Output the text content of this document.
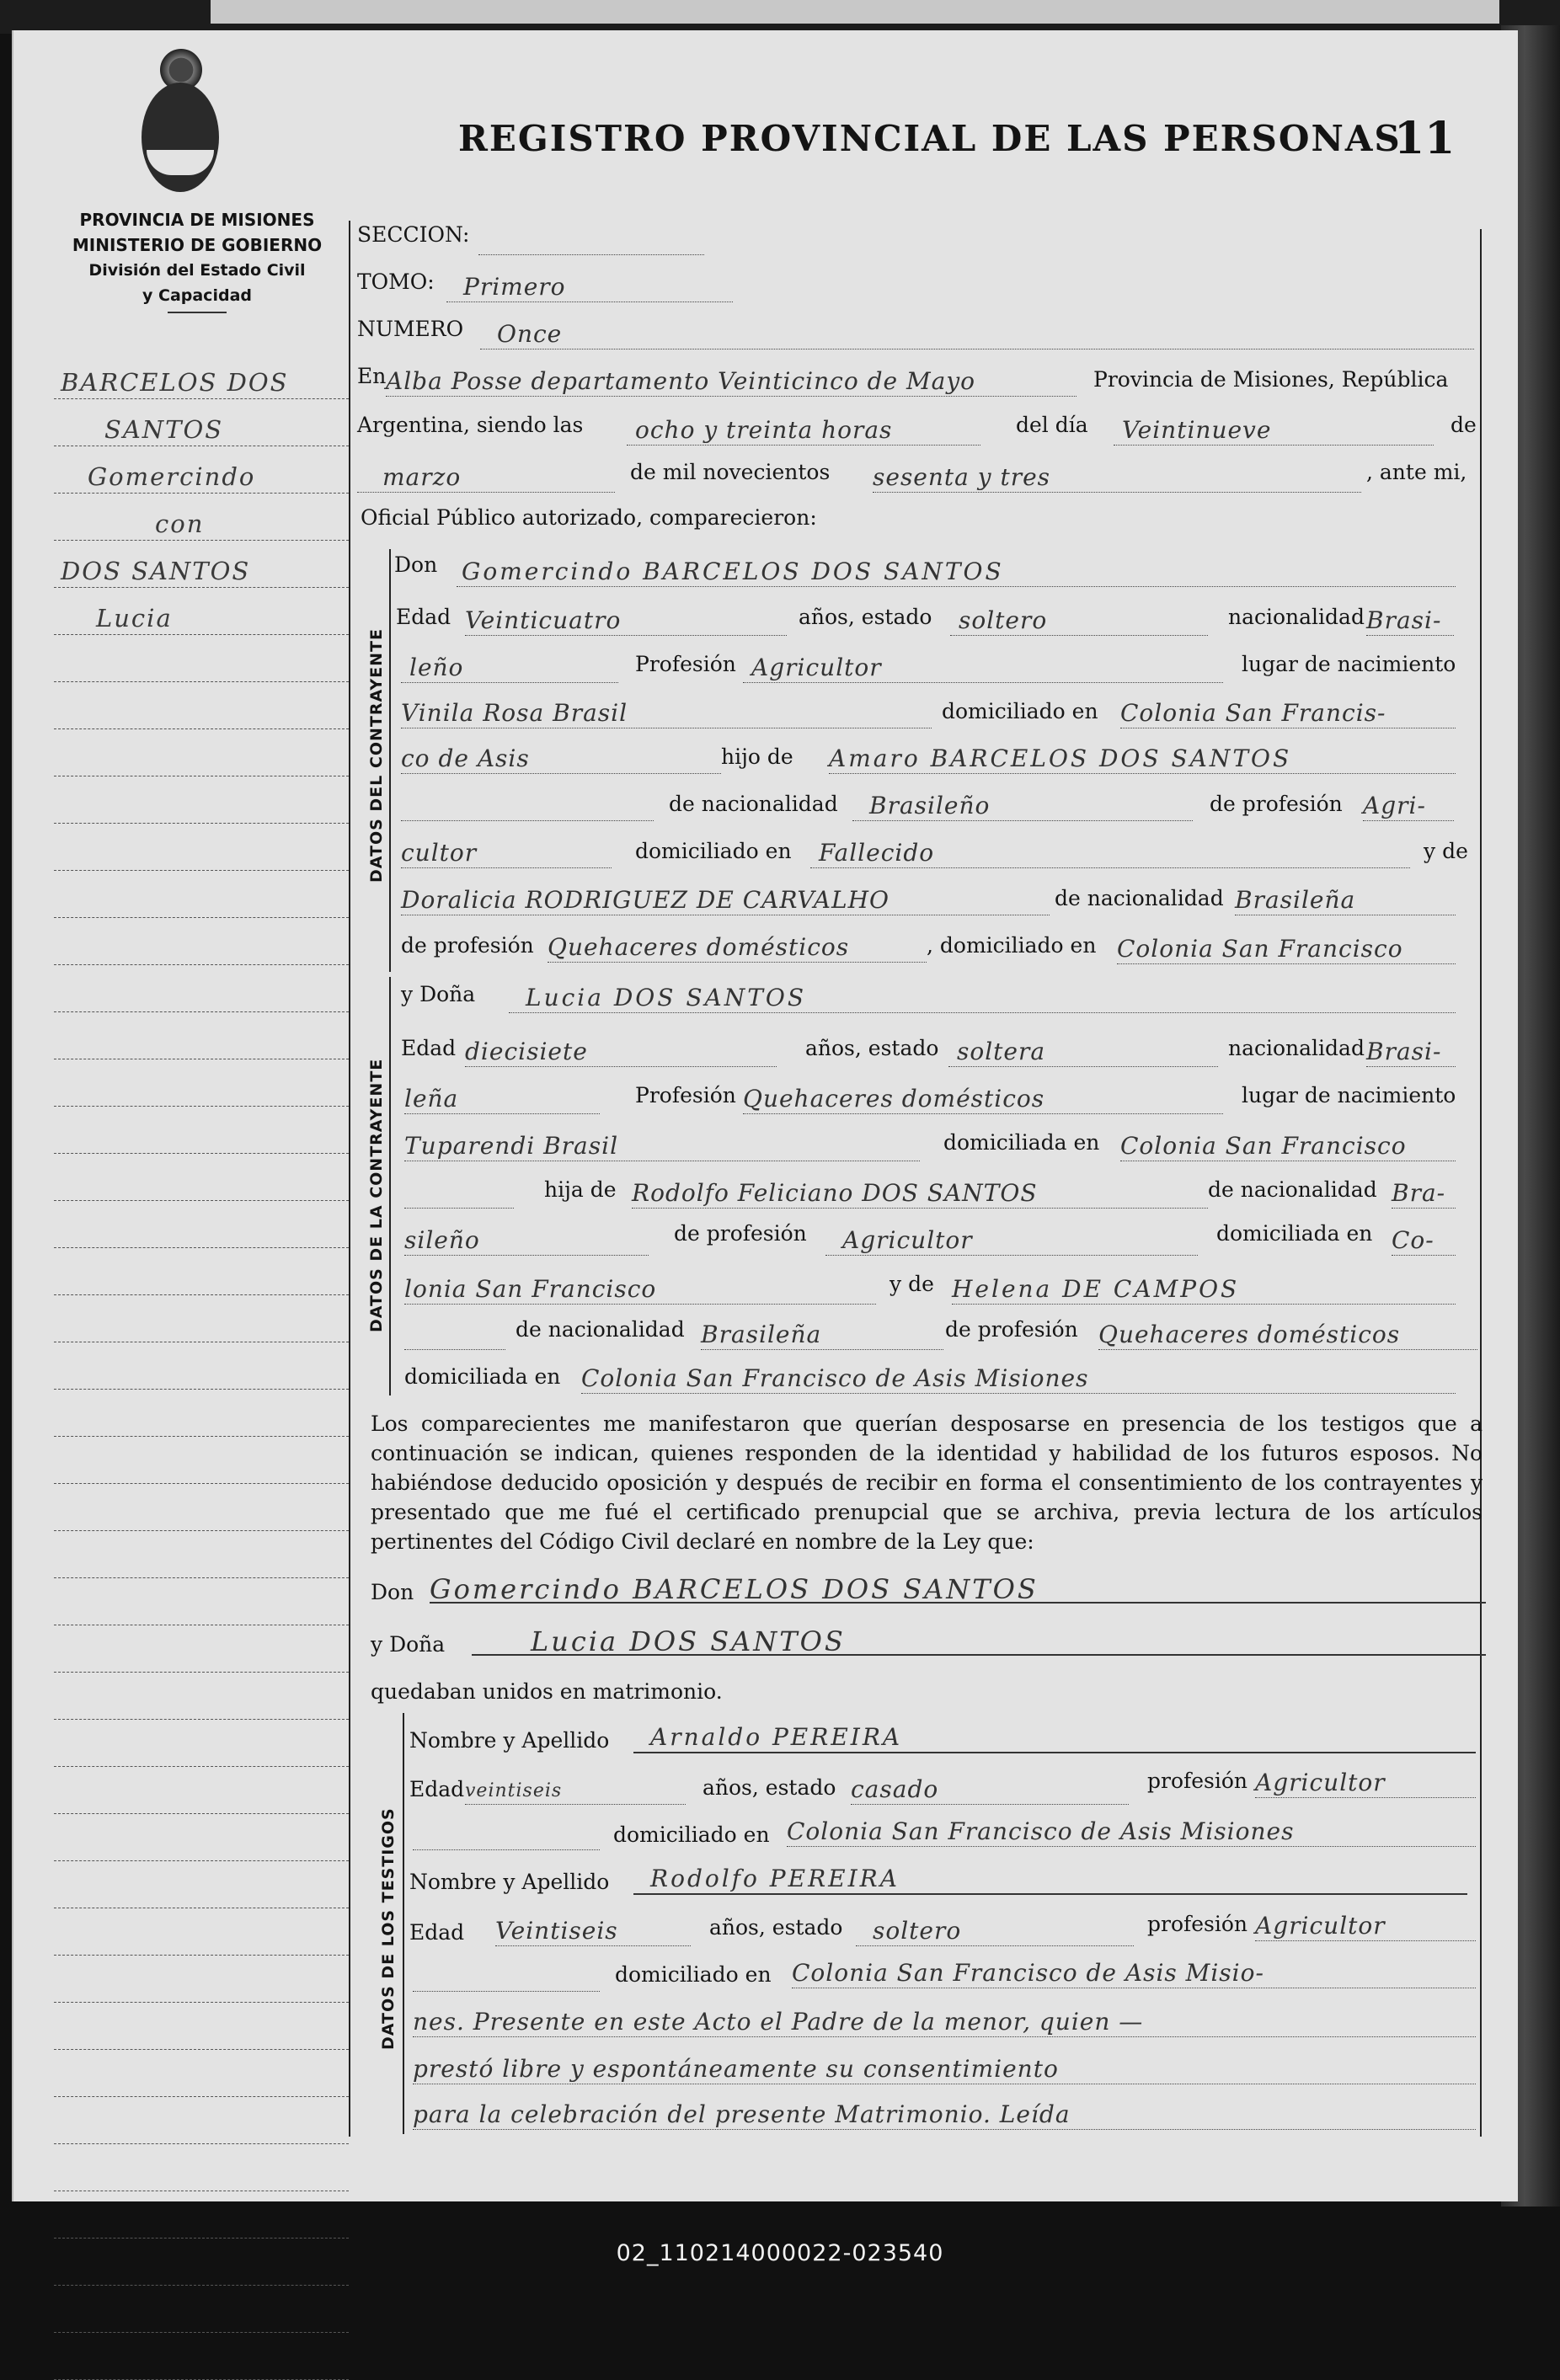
REGISTRO PROVINCIAL DE LAS PERSONAS
11
PROVINCIA DE MISIONES
MINISTERIO DE GOBIERNO
División del Estado Civil
y Capacidad
BARCELOS DOS
SANTOS
Gomercindo
con
DOS SANTOS
Lucia
SECCION:
TOMO: Primero
NUMERO Once
En Alba Posse departamento Veinticinco de Mayo	Provincia de Misiones, República
Argentina, siendo las ocho y treinta horas	del día Veintinueve	de
marzo	de mil novecientos sesenta y tres	, ante mi,
Oficial Público autorizado, comparecieron:
DATOS DEL CONTRAYENTE
Don Gomercindo BARCELOS DOS SANTOS
Edad Veinticuatro	años, estado soltero	nacionalidad Brasi-
leño	Profesión Agricultor	lugar de nacimiento
Vinila Rosa Brasil	domiciliado en Colonia San Francis-
co de Asis	hijo de Amaro BARCELOS DOS SANTOS
de nacionalidad Brasileño	de profesión Agri-
cultor	domiciliado en Fallecido	y de
Doralicia RODRIGUEZ DE CARVALHO	de nacionalidad Brasileña
de profesión Quehaceres domésticos	, domiciliado en Colonia San Francisco
DATOS DE LA CONTRAYENTE
y Doña Lucia DOS SANTOS
Edad diecisiete	años, estado soltera	nacionalidad Brasi-
leña	Profesión Quehaceres domésticos	lugar de nacimiento
Tuparendi Brasil	domiciliada en Colonia San Francisco
hija de Rodolfo Feliciano DOS SANTOS	de nacionalidad Bra-
sileño	de profesión Agricultor	domiciliada en Co-
lonia San Francisco	y de Helena DE CAMPOS
de nacionalidad Brasileña	de profesión Quehaceres domésticos
domiciliada en Colonia San Francisco de Asis Misiones
Los comparecientes me manifestaron que querían desposarse en presencia de los testigos que a continuación se indican, quienes responden de la identidad y habilidad de los futuros esposos. No habiéndose deducido oposición y después de recibir en forma el consentimiento de los contrayentes y presentado que me fué el certificado prenupcial que se archiva, previa lectura de los artículos pertinentes del Código Civil declaré en nombre de la Ley que:
Don Gomercindo BARCELOS DOS SANTOS
y Doña	Lucia DOS SANTOS
quedaban unidos en matrimonio.
DATOS DE LOS TESTIGOS
Nombre y Apellido Arnaldo PEREIRA
Edad veintiseis	años, estado casado	profesión Agricultor
domiciliado en Colonia San Francisco de Asis Misiones
Nombre y Apellido Rodolfo PEREIRA
Edad Veintiseis	años, estado soltero	profesión Agricultor
domiciliado en Colonia San Francisco de Asis Misio-
nes. Presente en este Acto el Padre de la menor, quien —
prestó libre y espontáneamente su consentimiento
para la celebración del presente Matrimonio. Leída
02_110214000022-023540
